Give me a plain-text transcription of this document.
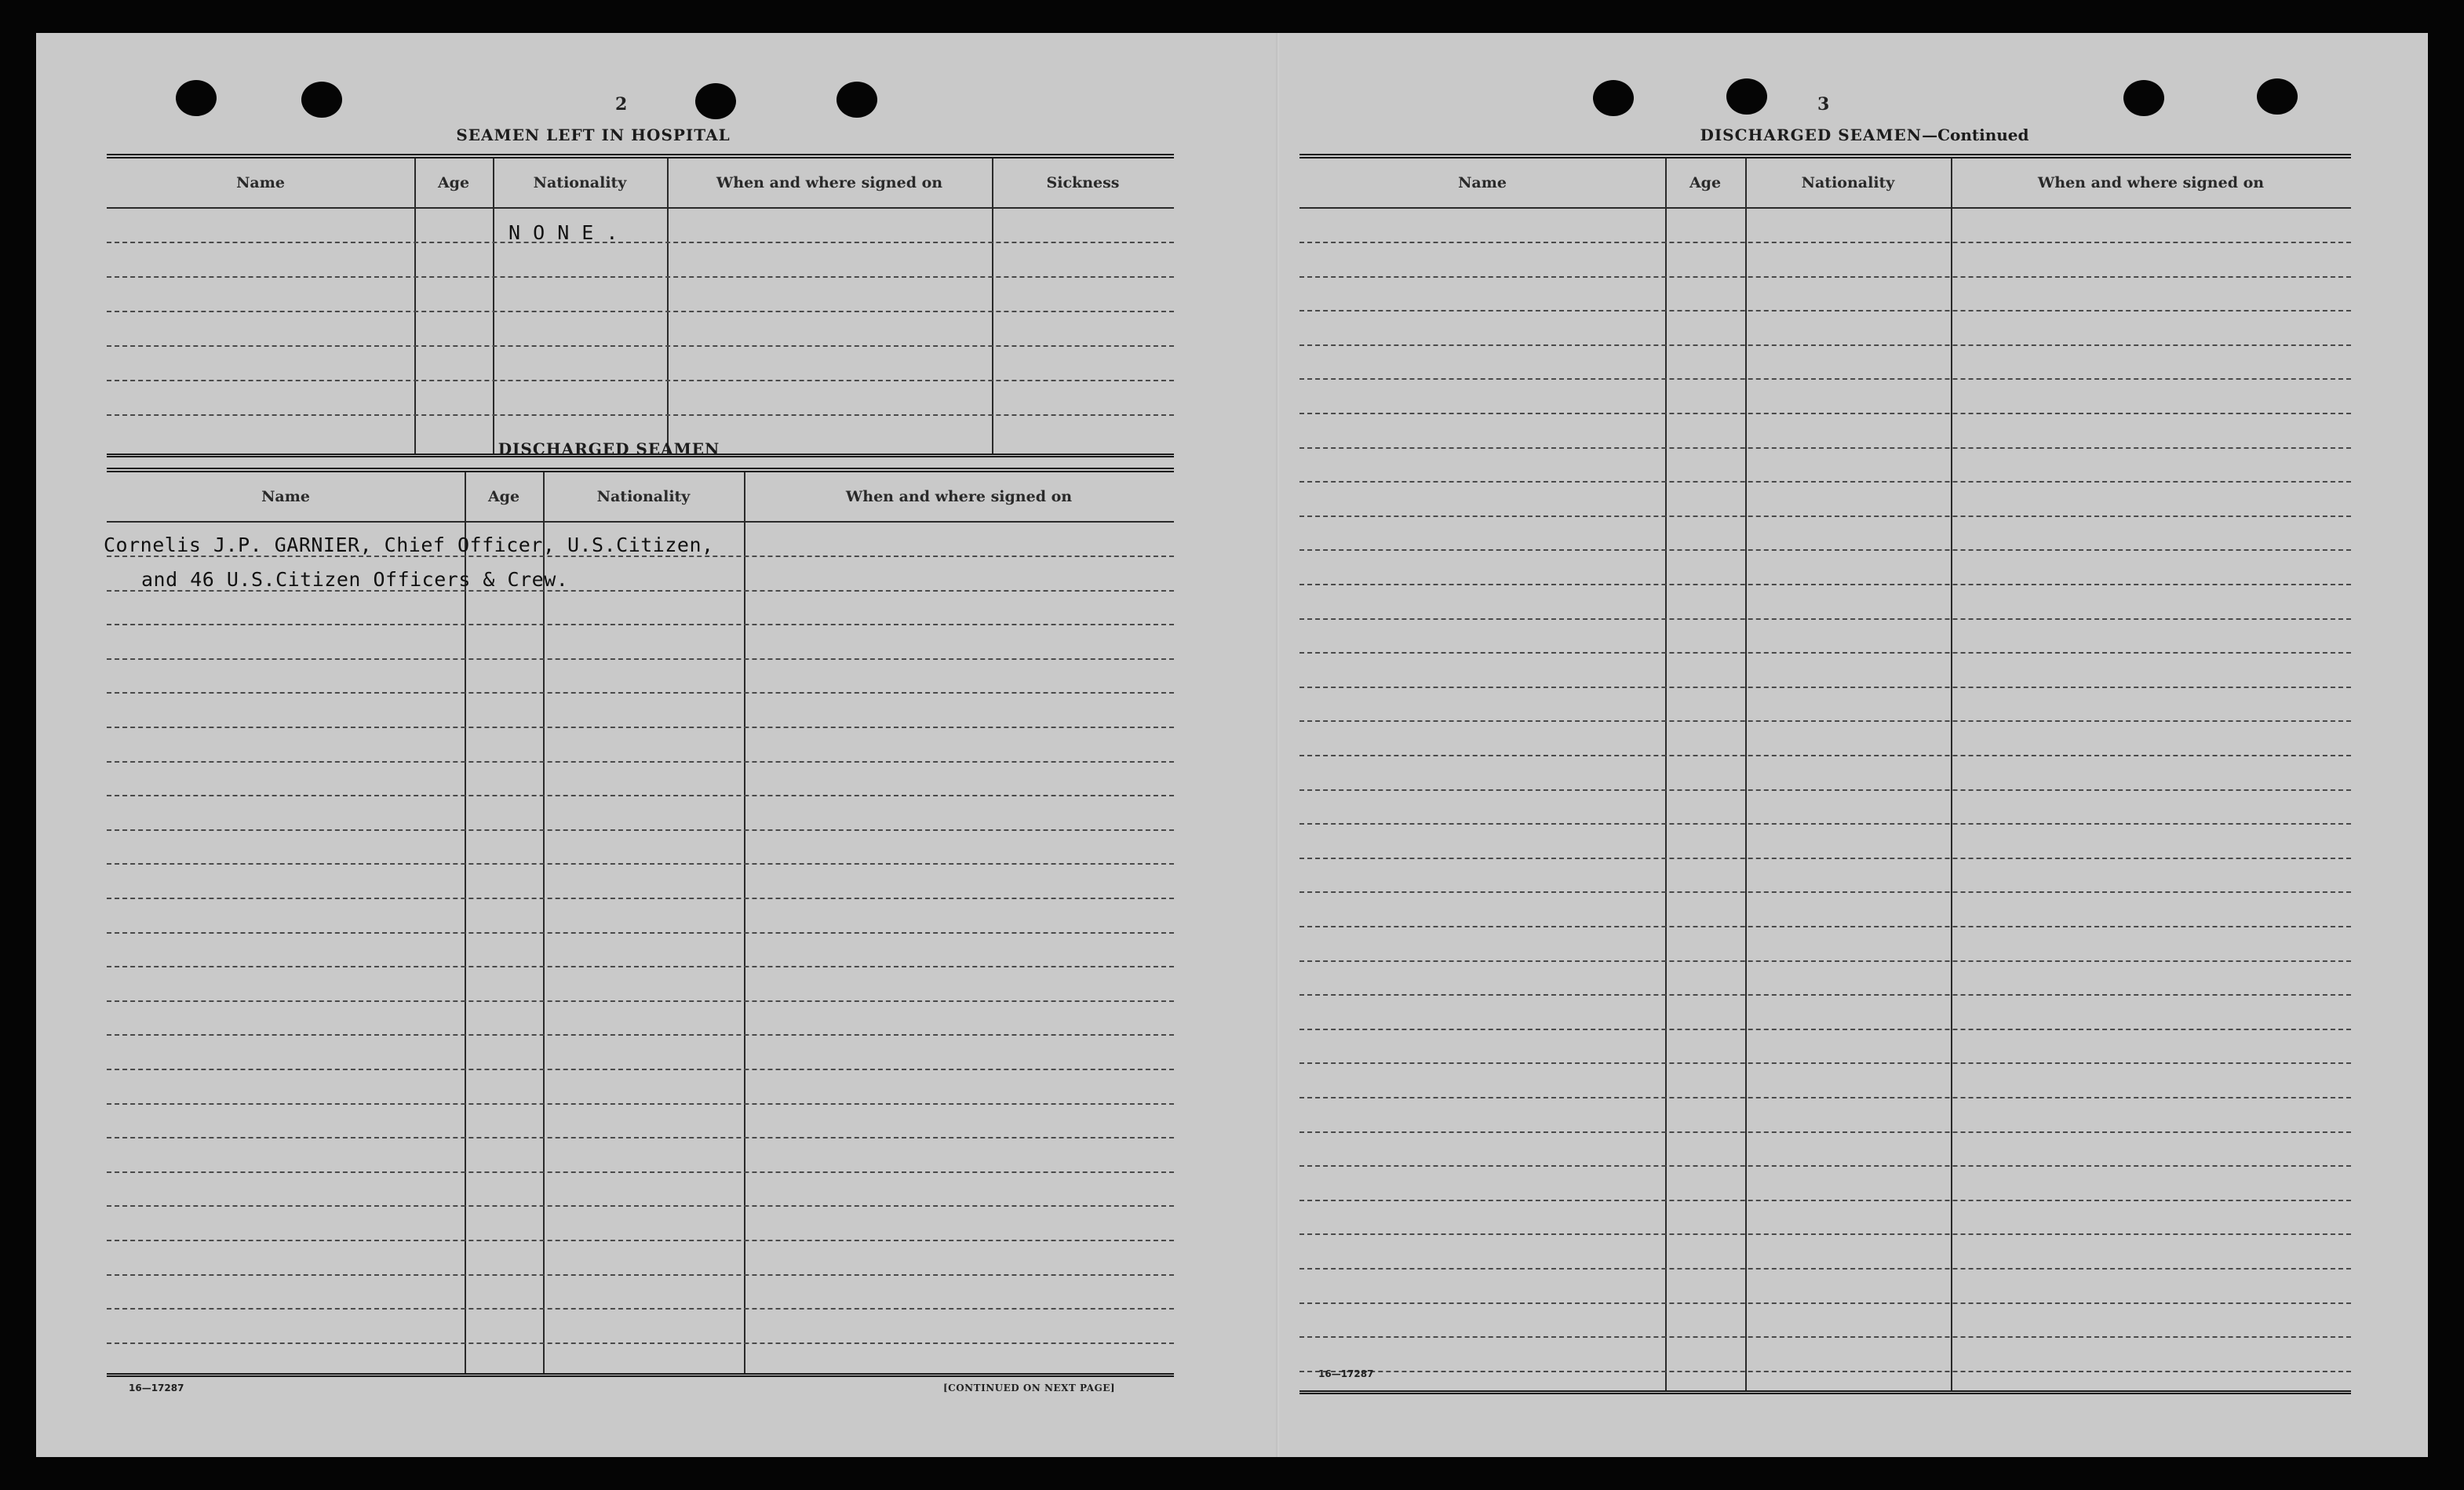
2
SEAMEN LEFT IN HOSPITAL
Name	Age	Nationality	When and where signed on	Sickness
N O N E .
DISCHARGED SEAMEN
Name	Age	Nationality	When and where signed on
Cornelis J.P. GARNIER, Chief Officer, U.S.Citizen,
and 46 U.S.Citizen Officers & Crew.
16—17287	[CONTINUED ON NEXT PAGE]
3
DISCHARGED SEAMEN—Continued
Name	Age	Nationality	When and where signed on
16—17287
